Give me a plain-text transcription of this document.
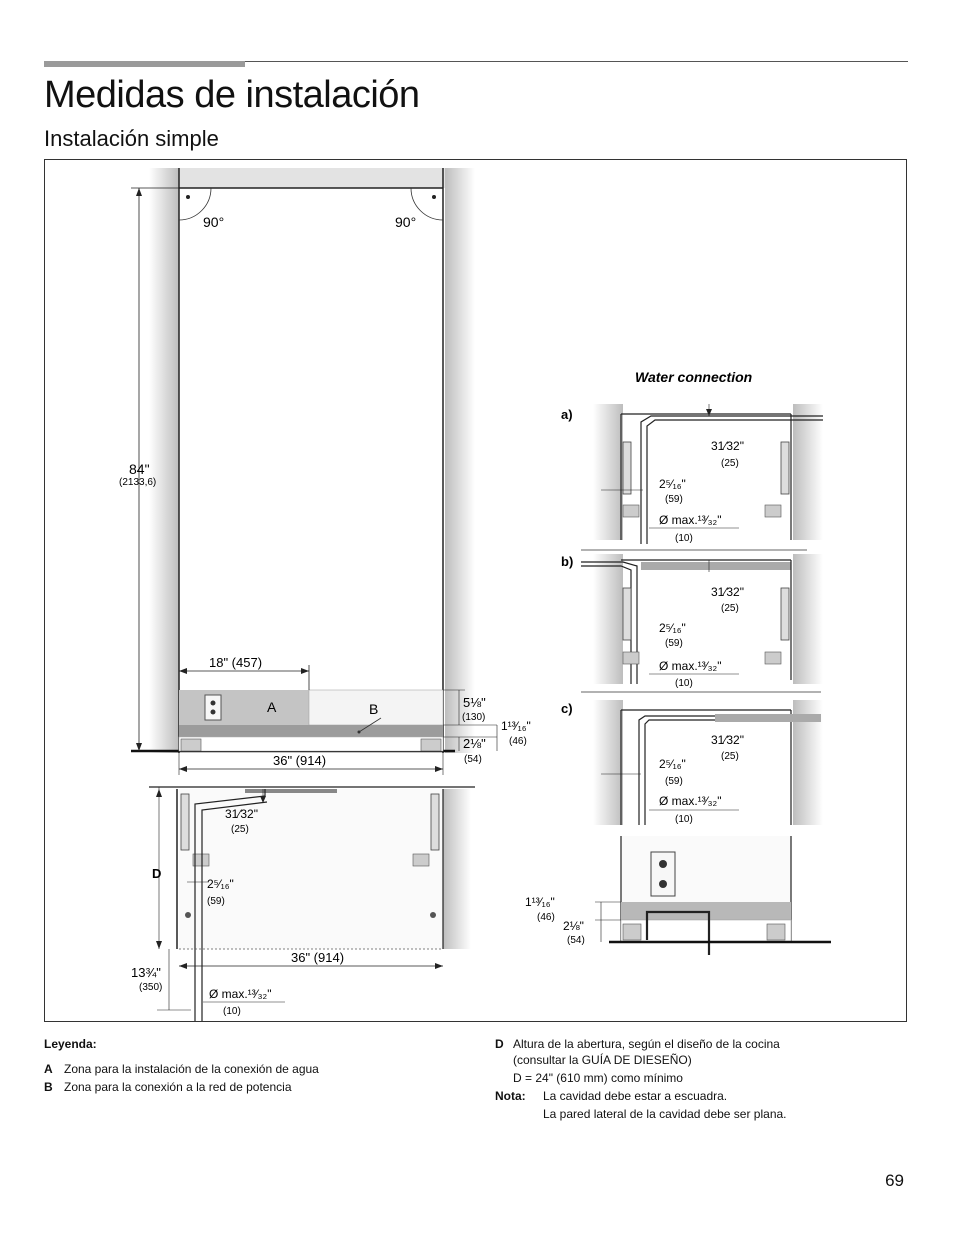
Medidas de instalación
Instalación simple
90°	90°
84"
(2133,6)
A	B
18" (457)
5⅛"
(130)
1¹³⁄₁₆"
(46)
2⅛"
(54)
36" (914)
31⁄32"
(25)
D
2⁵⁄₁₆"
(59)
36" (914)
13¾"
(350)	Ø max.¹³⁄₃₂"
(10)
Water connection
a)
31⁄32"
(25)
2⁵⁄₁₆"
(59)
Ø max.¹³⁄₃₂"
(10)
b)
31⁄32"
(25)
2⁵⁄₁₆"
(59)
Ø max.¹³⁄₃₂"
(10)
c)
31⁄32"
(25)
2⁵⁄₁₆"
(59)
Ø max.¹³⁄₃₂"
(10)
1¹³⁄₁₆"
(46)
2⅛"
(54)
Leyenda:
A Zona para la instalación de la conexión de agua
B Zona para la conexión a la red de potencia
D Altura de la abertura, según el diseño de la cocina
(consultar la GUÍA DE DIESEÑO)
D = 24" (610 mm) como mínimo
Nota: La cavidad debe estar a escuadra.
La pared lateral de la cavidad debe ser plana.
69
